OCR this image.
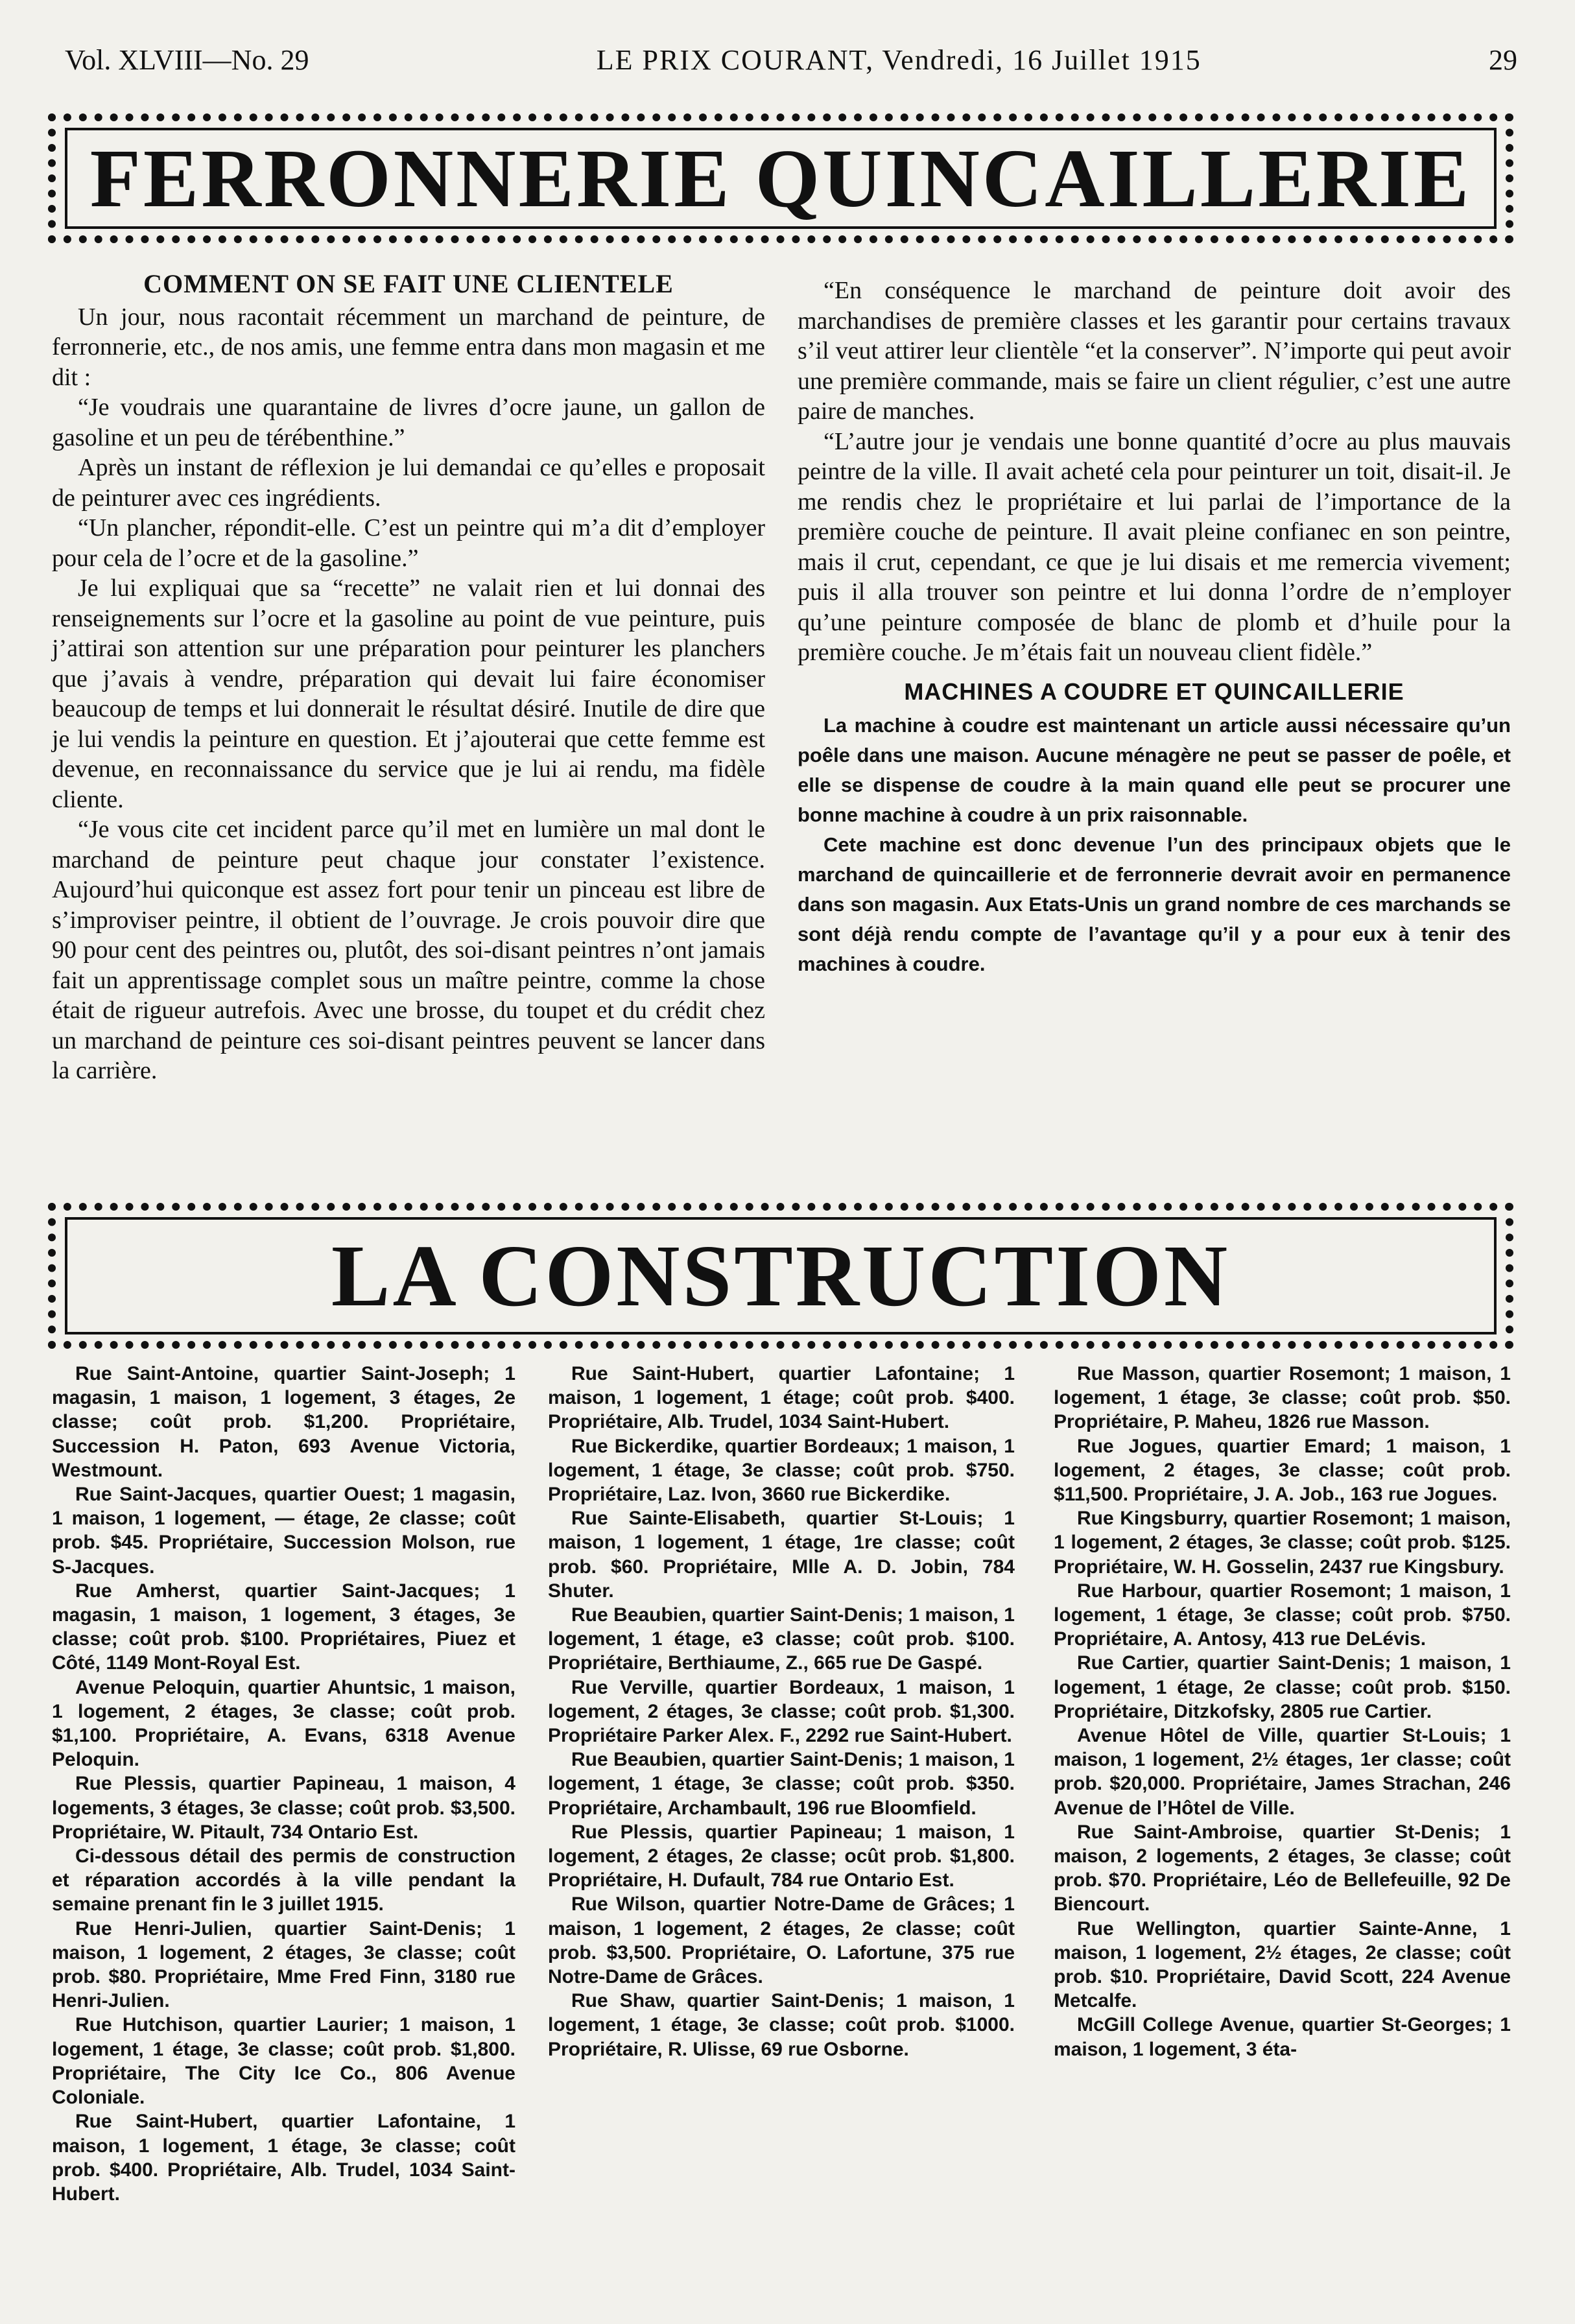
Vol. XLVIII—No. 29	LE PRIX COURANT, Vendredi, 16 Juillet 1915	29
FERRONNERIE QUINCAILLERIE

COMMENT ON SE FAIT UNE CLIENTELE

Un jour, nous racontait récemment un marchand de peinture, de ferronnerie, etc., de nos amis, une femme entra dans mon magasin et me dit :

“Je voudrais une quarantaine de livres d’ocre jaune, un gallon de gasoline et un peu de térébenthine.”

Après un instant de réflexion je lui demandai ce qu’elles e proposait de peinturer avec ces ingrédients.

“Un plancher, répondit-elle. C’est un peintre qui m’a dit d’employer pour cela de l’ocre et de la gasoline.”

Je lui expliquai que sa “recette” ne valait rien et lui donnai des renseignements sur l’ocre et la gasoline au point de vue peinture, puis j’attirai son attention sur une préparation pour peinturer les planchers que j’avais à vendre, préparation qui devait lui faire économiser beaucoup de temps et lui donnerait le résultat désiré. Inutile de dire que je lui vendis la peinture en question. Et j’ajouterai que cette femme est devenue, en reconnaissance du service que je lui ai rendu, ma fidèle cliente.

“Je vous cite cet incident parce qu’il met en lumière un mal dont le marchand de peinture peut chaque jour constater l’existence. Aujourd’hui quiconque est assez fort pour tenir un pinceau est libre de s’improviser peintre, il obtient de l’ouvrage. Je crois pouvoir dire que 90 pour cent des peintres ou, plutôt, des soi-disant peintres n’ont jamais fait un apprentissage complet sous un maître peintre, comme la chose était de rigueur autrefois. Avec une brosse, du toupet et du crédit chez un marchand de peinture ces soi-disant peintres peuvent se lancer dans la carrière.

“En conséquence le marchand de peinture doit avoir des marchandises de première classes et les garantir pour certains travaux s’il veut attirer leur clientèle “et la conserver”. N’importe qui peut avoir une première commande, mais se faire un client régulier, c’est une autre paire de manches.

“L’autre jour je vendais une bonne quantité d’ocre au plus mauvais peintre de la ville. Il avait acheté cela pour peinturer un toit, disait-il. Je me rendis chez le propriétaire et lui parlai de l’importance de la première couche de peinture. Il avait pleine confianec en son peintre, mais il crut, cependant, ce que je lui disais et me remercia vivement; puis il alla trouver son peintre et lui donna l’ordre de n’employer qu’une peinture composée de blanc de plomb et d’huile pour la première couche. Je m’étais fait un nouveau client fidèle.”

MACHINES A COUDRE ET QUINCAILLERIE

La machine à coudre est maintenant un article aussi nécessaire qu’un poêle dans une maison. Aucune ménagère ne peut se passer de poêle, et elle se dispense de coudre à la main quand elle peut se procurer une bonne machine à coudre à un prix raisonnable.

Cete machine est donc devenue l’un des principaux objets que le marchand de quincaillerie et de ferronnerie devrait avoir en permanence dans son magasin. Aux Etats-Unis un grand nombre de ces marchands se sont déjà rendu compte de l’avantage qu’il y a pour eux à tenir des machines à coudre.

LA CONSTRUCTION

Rue Saint-Antoine, quartier Saint-Joseph; 1 magasin, 1 maison, 1 logement, 3 étages, 2e classe; coût prob. $1,200. Propriétaire, Succession H. Paton, 693 Avenue Victoria, Westmount.

Rue Saint-Jacques, quartier Ouest; 1 magasin, 1 maison, 1 logement, — étage, 2e classe; coût prob. $45. Propriétaire, Succession Molson, rue S-Jacques.

Rue Amherst, quartier Saint-Jacques; 1 magasin, 1 maison, 1 logement, 3 étages, 3e classe; coût prob. $100. Propriétaires, Piuez et Côté, 1149 Mont-Royal Est.

Avenue Peloquin, quartier Ahuntsic, 1 maison, 1 logement, 2 étages, 3e classe; coût prob. $1,100. Propriétaire, A. Evans, 6318 Avenue Peloquin.

Rue Plessis, quartier Papineau, 1 maison, 4 logements, 3 étages, 3e classe; coût prob. $3,500. Propriétaire, W. Pitault, 734 Ontario Est.

Ci-dessous détail des permis de construction et réparation accordés à la ville pendant la semaine prenant fin le 3 juillet 1915.

Rue Henri-Julien, quartier Saint-Denis; 1 maison, 1 logement, 2 étages, 3e classe; coût prob. $80. Propriétaire, Mme Fred Finn, 3180 rue Henri-Julien.

Rue Hutchison, quartier Laurier; 1 maison, 1 logement, 1 étage, 3e classe; coût prob. $1,800. Propriétaire, The City Ice Co., 806 Avenue Coloniale.

Rue Saint-Hubert, quartier Lafontaine, 1 maison, 1 logement, 1 étage, 3e classe; coût prob. $400. Propriétaire, Alb. Trudel, 1034 Saint-Hubert.

Rue Saint-Hubert, quartier Lafontaine; 1 maison, 1 logement, 1 étage; coût prob. $400. Propriétaire, Alb. Trudel, 1034 Saint-Hubert.

Rue Bickerdike, quartier Bordeaux; 1 maison, 1 logement, 1 étage, 3e classe; coût prob. $750. Propriétaire, Laz. Ivon, 3660 rue Bickerdike.

Rue Sainte-Elisabeth, quartier St-Louis; 1 maison, 1 logement, 1 étage, 1re classe; coût prob. $60. Propriétaire, Mlle A. D. Jobin, 784 Shuter.

Rue Beaubien, quartier Saint-Denis; 1 maison, 1 logement, 1 étage, e3 classe; coût prob. $100. Propriétaire, Berthiaume, Z., 665 rue De Gaspé.

Rue Verville, quartier Bordeaux, 1 maison, 1 logement, 2 étages, 3e classe; coût prob. $1,300. Propriétaire Parker Alex. F., 2292 rue Saint-Hubert.

Rue Beaubien, quartier Saint-Denis; 1 maison, 1 logement, 1 étage, 3e classe; coût prob. $350. Propriétaire, Archambault, 196 rue Bloomfield.

Rue Plessis, quartier Papineau; 1 maison, 1 logement, 2 étages, 2e classe; ocût prob. $1,800. Propriétaire, H. Dufault, 784 rue Ontario Est.

Rue Wilson, quartier Notre-Dame de Grâces; 1 maison, 1 logement, 2 étages, 2e classe; coût prob. $3,500. Propriétaire, O. Lafortune, 375 rue Notre-Dame de Grâces.

Rue Shaw, quartier Saint-Denis; 1 maison, 1 logement, 1 étage, 3e classe; coût prob. $1000. Propriétaire, R. Ulisse, 69 rue Osborne.

Rue Masson, quartier Rosemont; 1 maison, 1 logement, 1 étage, 3e classe; coût prob. $50. Propriétaire, P. Maheu, 1826 rue Masson.

Rue Jogues, quartier Emard; 1 maison, 1 logement, 2 étages, 3e classe; coût prob. $11,500. Propriétaire, J. A. Job., 163 rue Jogues.

Rue Kingsburry, quartier Rosemont; 1 maison, 1 logement, 2 étages, 3e classe; coût prob. $125. Propriétaire, W. H. Gosselin, 2437 rue Kingsbury.

Rue Harbour, quartier Rosemont; 1 maison, 1 logement, 1 étage, 3e classe; coût prob. $750. Propriétaire, A. Antosy, 413 rue DeLévis.

Rue Cartier, quartier Saint-Denis; 1 maison, 1 logement, 1 étage, 2e classe; coût prob. $150. Propriétaire, Ditzkofsky, 2805 rue Cartier.

Avenue Hôtel de Ville, quartier St-Louis; 1 maison, 1 logement, 2½ étages, 1er classe; coût prob. $20,000. Propriétaire, James Strachan, 246 Avenue de l’Hôtel de Ville.

Rue Saint-Ambroise, quartier St-Denis; 1 maison, 2 logements, 2 étages, 3e classe; coût prob. $70. Propriétaire, Léo de Bellefeuille, 92 De Biencourt.

Rue Wellington, quartier Sainte-Anne, 1 maison, 1 logement, 2½ étages, 2e classe; coût prob. $10. Propriétaire, David Scott, 224 Avenue Metcalfe.

McGill College Avenue, quartier St-Georges; 1 maison, 1 logement, 3 éta-
